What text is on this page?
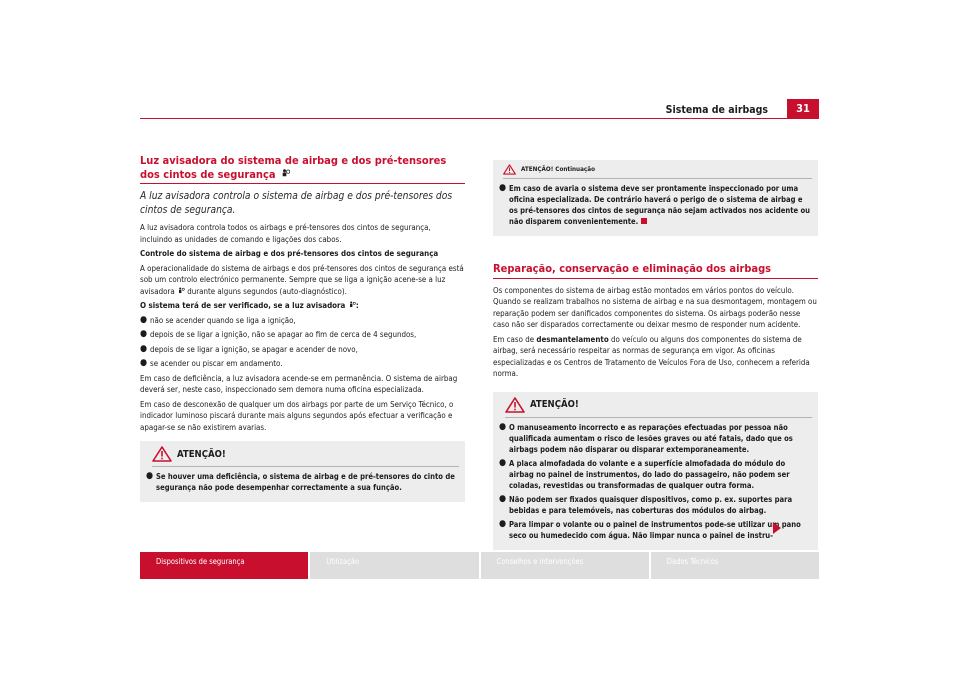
Sistema de airbags	31
Luz avisadora do sistema de airbag e dos pré-tensores dos cintos de segurança
A luz avisadora controla o sistema de airbag e dos pré-tensores dos cintos de segurança.

A luz avisadora controla todos os airbags e pré-tensores dos cintos de segurança, incluindo as unidades de comando e ligações dos cabos.

Controle do sistema de airbag e dos pré-tensores dos cintos de segurança

A operacionalidade do sistema de airbags e dos pré-tensores dos cintos de segurança está sob um controlo electrónico permanente. Sempre que se liga a ignição acene-se a luz avisadora durante alguns segundos (auto-diagnóstico).

O sistema terá de ser verificado, se a luz avisadora :

● não se acender quando se liga a ignição,
● depois de se ligar a ignição, não se apagar ao fim de cerca de 4 segundos,
● depois de se ligar a ignição, se apagar e acender de novo,
● se acender ou piscar em andamento.

Em caso de deficiência, a luz avisadora acende-se em permanência. O sistema de airbag deverá ser, neste caso, inspeccionado sem demora numa oficina especializada.

Em caso de desconexão de qualquer um dos airbags por parte de um Serviço Técnico, o indicador luminoso piscará durante mais alguns segundos após efectuar a verificação e apagar-se se não existirem avarias.

ATENÇÃO!
● Se houver uma deficiência, o sistema de airbag e de pré-tensores do cinto de segurança não pode desempenhar correctamente a sua função.
ATENÇÃO! Continuação
● Em caso de avaria o sistema deve ser prontamente inspeccionado por uma oficina especializada. De contrário haverá o perigo de o sistema de airbag e os pré-tensores dos cintos de segurança não sejam activados nos acidente ou não disparem convenientemente.
Reparação, conservação e eliminação dos airbags

Os componentes do sistema de airbag estão montados em vários pontos do veículo. Quando se realizam trabalhos no sistema de airbag e na sua desmontagem, montagem ou reparação podem ser danificados componentes do sistema. Os airbags poderão nesse caso não ser disparados correctamente ou deixar mesmo de responder num acidente.

Em caso de desmantelamento do veículo ou alguns dos componentes do sistema de airbag, será necessário respeitar as normas de segurança em vigor. As oficinas especializadas e os Centros de Tratamento de Veículos Fora de Uso, conhecem a referida norma.

ATENÇÃO!
● O manuseamento incorrecto e as reparações efectuadas por pessoa não qualificada aumentam o risco de lesões graves ou até fatais, dado que os airbags podem não disparar ou disparar extemporaneamente.
● A placa almofadada do volante e a superfície almofadada do módulo do airbag no painel de instrumentos, do lado do passageiro, não podem ser coladas, revestidas ou transformadas de qualquer outra forma.
● Não podem ser fixados quaisquer dispositivos, como p. ex. suportes para bebidas e para telemóveis, nas coberturas dos módulos do airbag.
● Para limpar o volante ou o painel de instrumentos pode-se utilizar um pano seco ou humedecido com água. Não limpar nunca o painel de instru-
Dispositivos de segurança	Utilização	Conselhos e intervenções	Dados Técnicos
